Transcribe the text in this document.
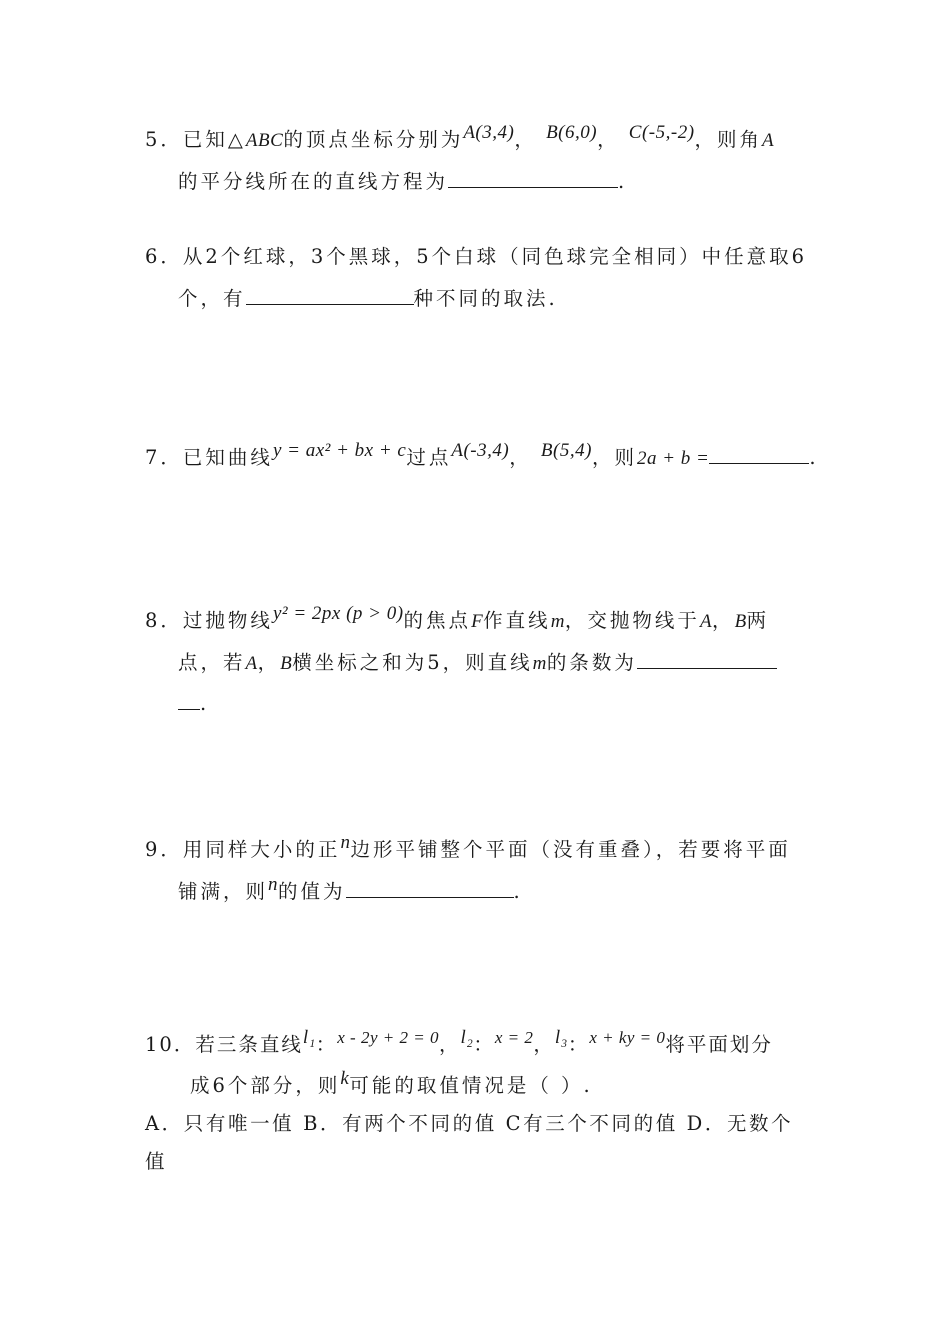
5．已知△ABC的顶点坐标分别为A(3,4)， B(6,0)， C(-5,-2)，则角A
的平分线所在的直线方程为	.
6．从2个红球，3个黑球，5个白球（同色球完全相同）中任意取6
个，有	种不同的取法.
7．已知曲线y = ax² + bx + c过点A(-3,4)， B(5,4)，则2a + b =	.
8．过抛物线y² = 2px (p > 0)的焦点F作直线m，交抛物线于A，B两
点，若A，B横坐标之和为5，则直线m的条数为
.
9．用同样大小的正n边形平铺整个平面（没有重叠），若要将平面
铺满，则n的值为	.
10．若三条直线l₁：x - 2y + 2 = 0，l₂：x = 2，l₃：x + ky = 0将平面划分
成6个部分，则k可能的取值情况是（ ）.
A．只有唯一值 B．有两个不同的值 C有三个不同的值 D．无数个
值
